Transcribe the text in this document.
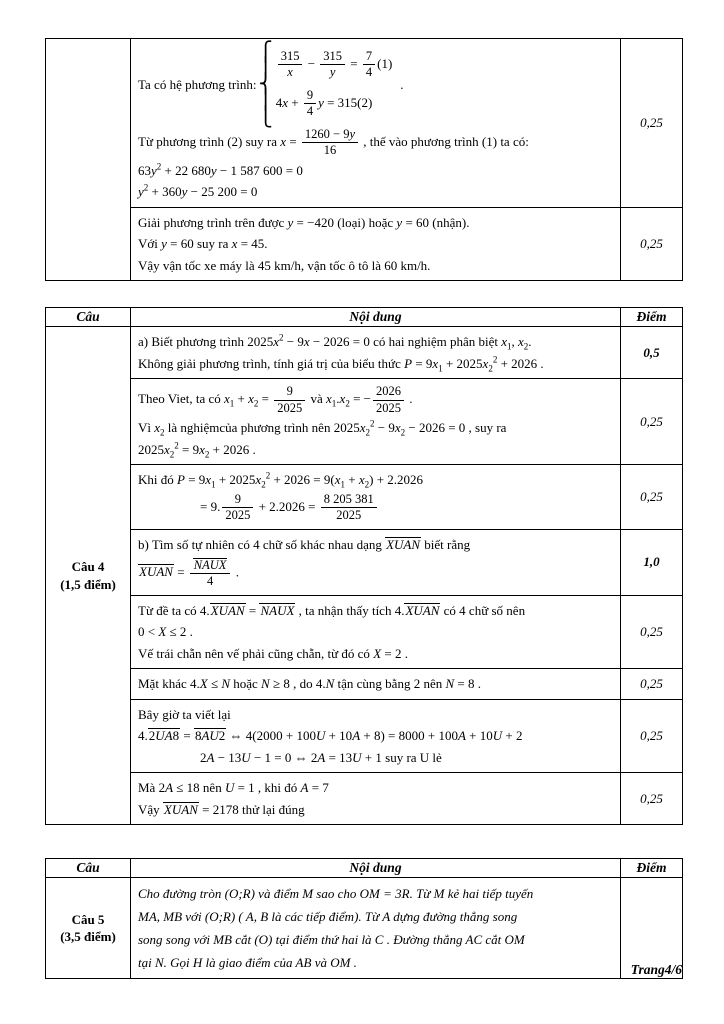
Ta có hệ phương trình:
⎧
⎪
⎨
⎪
⎩
$\frac{315}{x} - \frac{315}{y} = \frac{7}{4} (1)$
$4x + \frac{9}{4}$ y = 315(2)
.
Từ phương trình (2) suy ra $x = \frac{1260 - 9y}{16}$ , thế vào phương trình (1) ta có:
$63y^2 + 22$ 680y − 1 587 600 = 0
$y^2 + 360y - 25$ 200 = 0
	0,25

	Giải phương trình trên được y = −420 (loại) hoặc y = 60 (nhận).
Với y = 60 suy ra x = 45.
Vậy vận tốc xe máy là 45 km/h, vận tốc ô tô là 60 km/h.	0,25
Câu	Nội dung	Điểm

Câu 4
(1,5 điểm)

a) Biết phương trình $2025x^2 - 9x - 2026 = 0$ có hai nghiệm phân biệt $x_1$, $x_2$.
Không giải phương trình, tính giá trị của biểu thức $P = 9x_1 + 2025x_2^2 + 2026$ .
	0,5

Theo Viet, ta có $x_1 + x_2 = \frac{9}{2025}$ và $x_1.x_2$ = − $\frac{2026}{2025}$ .
Vì $x_2$ là nghiệmcủa phương trình nên $2025x_2^2 - 9x_2 - 2026 = 0$ , suy ra
$2025x_2^2 = 9x_2 + 2026$ .
	0,25

Khi đó $P = 9x_1 + 2025x_2^2 + 2026 = 9(x_1 + x_2) + 2.2026$
= 9. $\frac{9}{2025} + 2.2026 = \frac{8 205 381}{2025}$	0,25

	b) Tìm số tự nhiên có 4 chữ số khác nhau dạng XUAN biết rằng
XUAN = NAUX
4
.	1,0

	Từ đề ta có 4.XUAN = NAUX , ta nhận thấy tích 4.XUAN có 4 chữ số nên
0 < X ≤ 2 .
Vế trái chẵn nên vế phải cũng chẵn, từ đó có X = 2 .	0,25

	Mặt khác 4.X ≤ N hoặc N ≥ 8 , do 4.N tận cùng bằng 2 nên N = 8 .	0,25

	Bây giờ ta viết lại
4.2UA8 = 8AU2 ⇔ 4(2000 + 100U + 10A + 8) = 8000 + 100A + 10U + 2
2A − 13U − 1 = 0 ⇔ 2A = 13U + 1 suy ra U lẻ	0,25

	Mà 2A ≤ 18 nên U = 1 , khi đó A = 7
Vậy XUAN = 2178 thử lại đúng	0,25
Câu	Nội dung	Điểm

Câu 5
(3,5 điểm)

Cho đường tròn (O;R) và điểm M sao cho OM = 3R. Từ M kẻ hai tiếp tuyến
MA, MB với (O;R) ( A, B là các tiếp điểm). Từ A dựng đường thẳng song
song song với MB cắt (O) tại điểm thứ hai là C . Đường thẳng AC cắt OM
tại N. Gọi H là giao điểm của AB và OM .
		Trang4/6
